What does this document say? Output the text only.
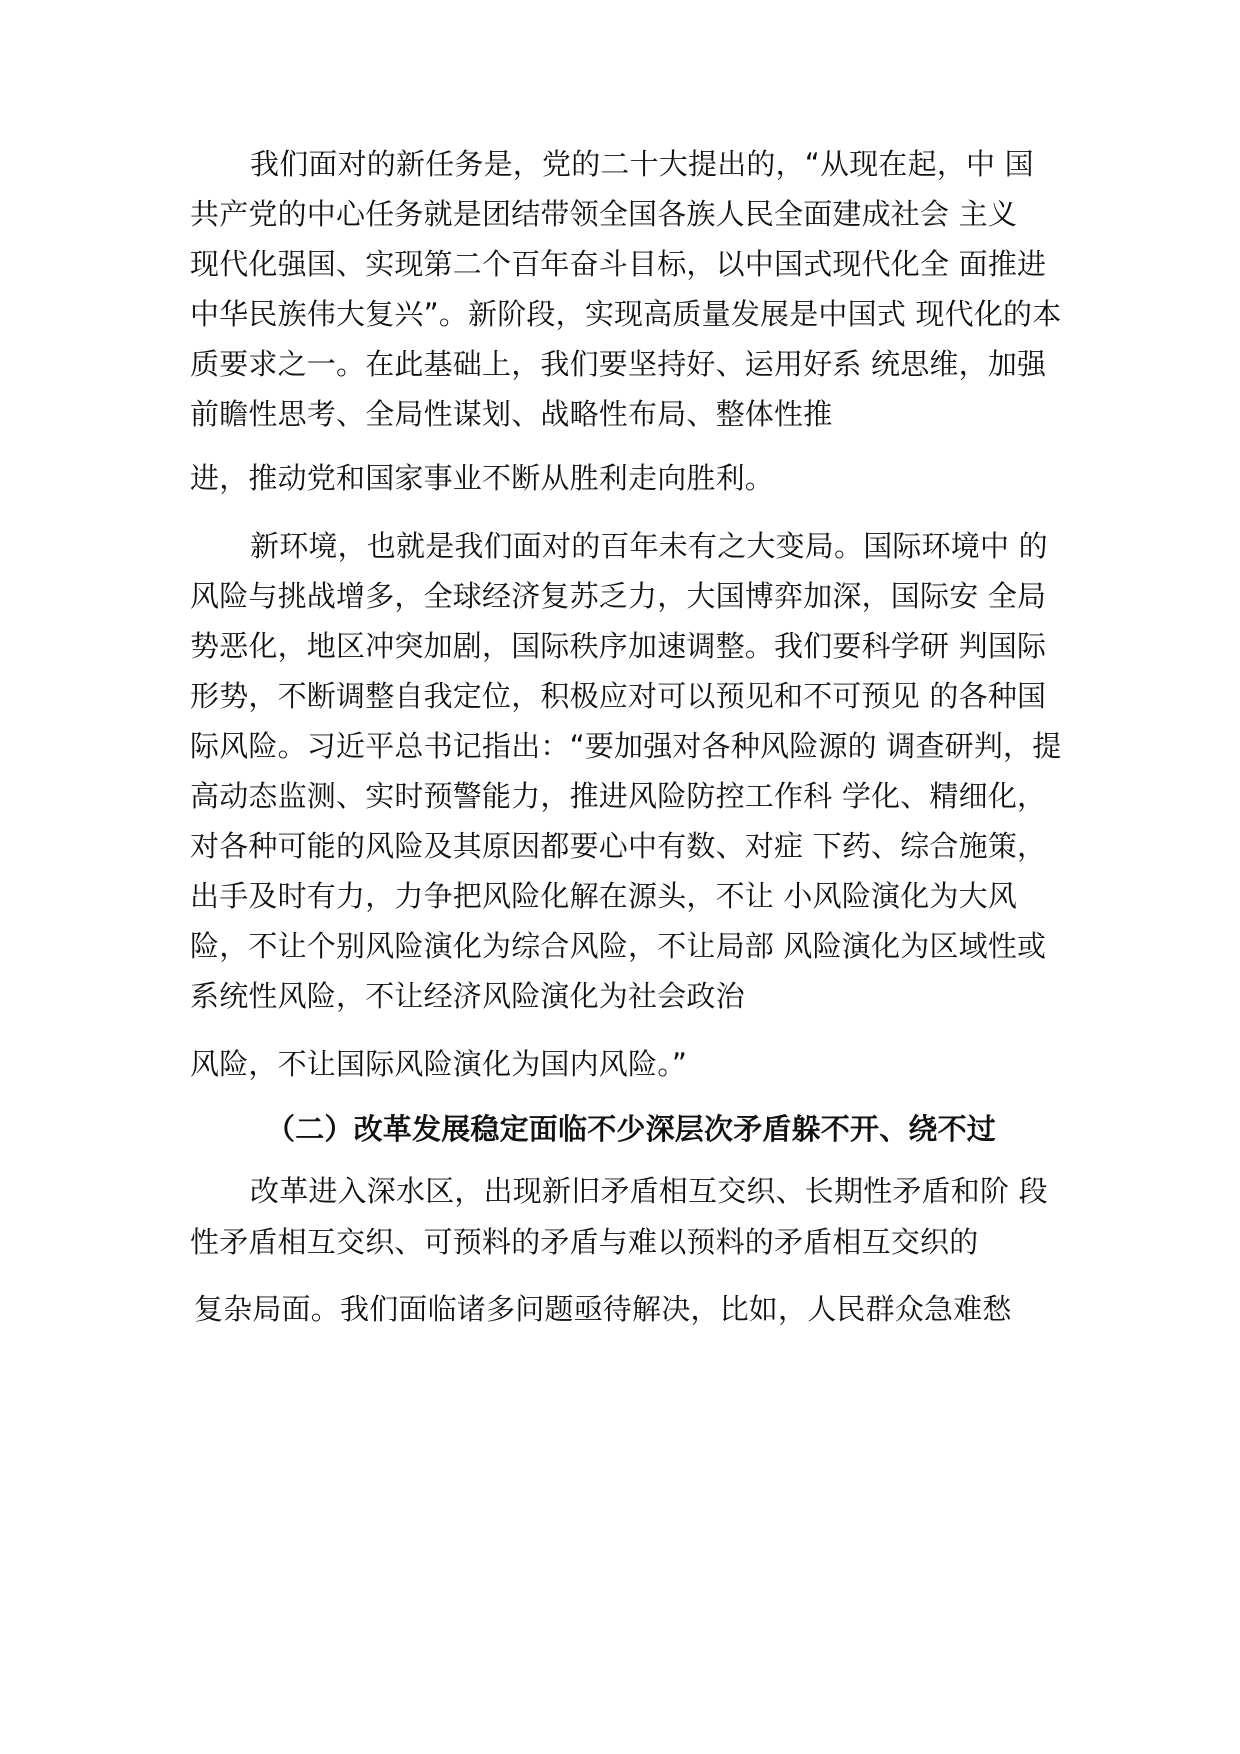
我们面对的新任务是，党的二十大提出的，“从现在起，中 国
共产党的中心任务就是团结带领全国各族人民全面建成社会 主义
现代化强国、实现第二个百年奋斗目标，以中国式现代化全 面推进
中华民族伟大复兴”。新阶段，实现高质量发展是中国式 现代化的本
质要求之一。在此基础上，我们要坚持好、运用好系 统思维，加强
前瞻性思考、全局性谋划、战略性布局、整体性推
进，推动党和国家事业不断从胜利走向胜利。
新环境，也就是我们面对的百年未有之大变局。国际环境中 的
风险与挑战增多，全球经济复苏乏力，大国博弈加深，国际安 全局
势恶化，地区冲突加剧，国际秩序加速调整。我们要科学研 判国际
形势，不断调整自我定位，积极应对可以预见和不可预见 的各种国
际风险。习近平总书记指出：“要加强对各种风险源的 调查研判，提
高动态监测、实时预警能力，推进风险防控工作科 学化、精细化，
对各种可能的风险及其原因都要心中有数、对症 下药、综合施策，
出手及时有力，力争把风险化解在源头，不让 小风险演化为大风
险，不让个别风险演化为综合风险，不让局部 风险演化为区域性或
系统性风险，不让经济风险演化为社会政治
风险，不让国际风险演化为国内风险。”
（二）改革发展稳定面临不少深层次矛盾躲不开、绕不过
改革进入深水区，出现新旧矛盾相互交织、长期性矛盾和阶 段
性矛盾相互交织、可预料的矛盾与难以预料的矛盾相互交织的
复杂局面。我们面临诸多问题亟待解决，比如，人民群众急难愁
